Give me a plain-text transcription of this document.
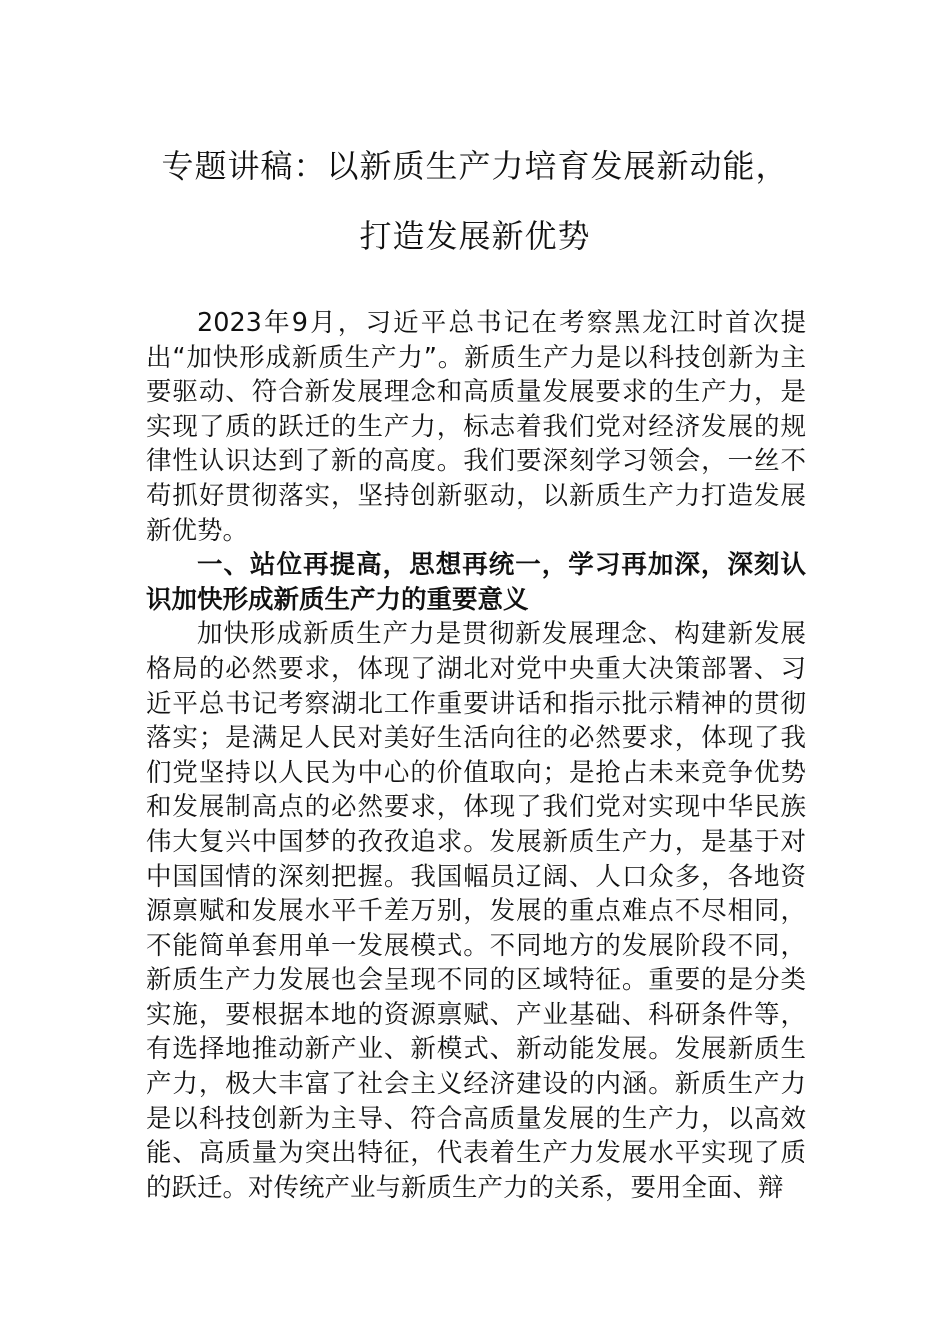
专题讲稿：以新质生产力培育发展新动能，
打造发展新优势

2023年9月，习近平总书记在考察黑龙江时首次提出“加快形成新质生产力”。新质生产力是以科技创新为主要驱动、符合新发展理念和高质量发展要求的生产力，是实现了质的跃迁的生产力，标志着我们党对经济发展的规律性认识达到了新的高度。我们要深刻学习领会，一丝不苟抓好贯彻落实，坚持创新驱动，以新质生产力打造发展新优势。

一、站位再提高，思想再统一，学习再加深，深刻认识加快形成新质生产力的重要意义

加快形成新质生产力是贯彻新发展理念、构建新发展格局的必然要求，体现了湖北对党中央重大决策部署、习近平总书记考察湖北工作重要讲话和指示批示精神的贯彻落实；是满足人民对美好生活向往的必然要求，体现了我们党坚持以人民为中心的价值取向；是抢占未来竞争优势和发展制高点的必然要求，体现了我们党对实现中华民族伟大复兴中国梦的孜孜追求。发展新质生产力，是基于对中国国情的深刻把握。我国幅员辽阔、人口众多，各地资源禀赋和发展水平千差万别，发展的重点难点不尽相同，不能简单套用单一发展模式。不同地方的发展阶段不同，新质生产力发展也会呈现不同的区域特征。重要的是分类实施，要根据本地的资源禀赋、产业基础、科研条件等，有选择地推动新产业、新模式、新动能发展。发展新质生产力，极大丰富了社会主义经济建设的内涵。新质生产力是以科技创新为主导、符合高质量发展的生产力，以高效能、高质量为突出特征，代表着生产力发展水平实现了质的跃迁。对传统产业与新质生产力的关系，要用全面、辩
